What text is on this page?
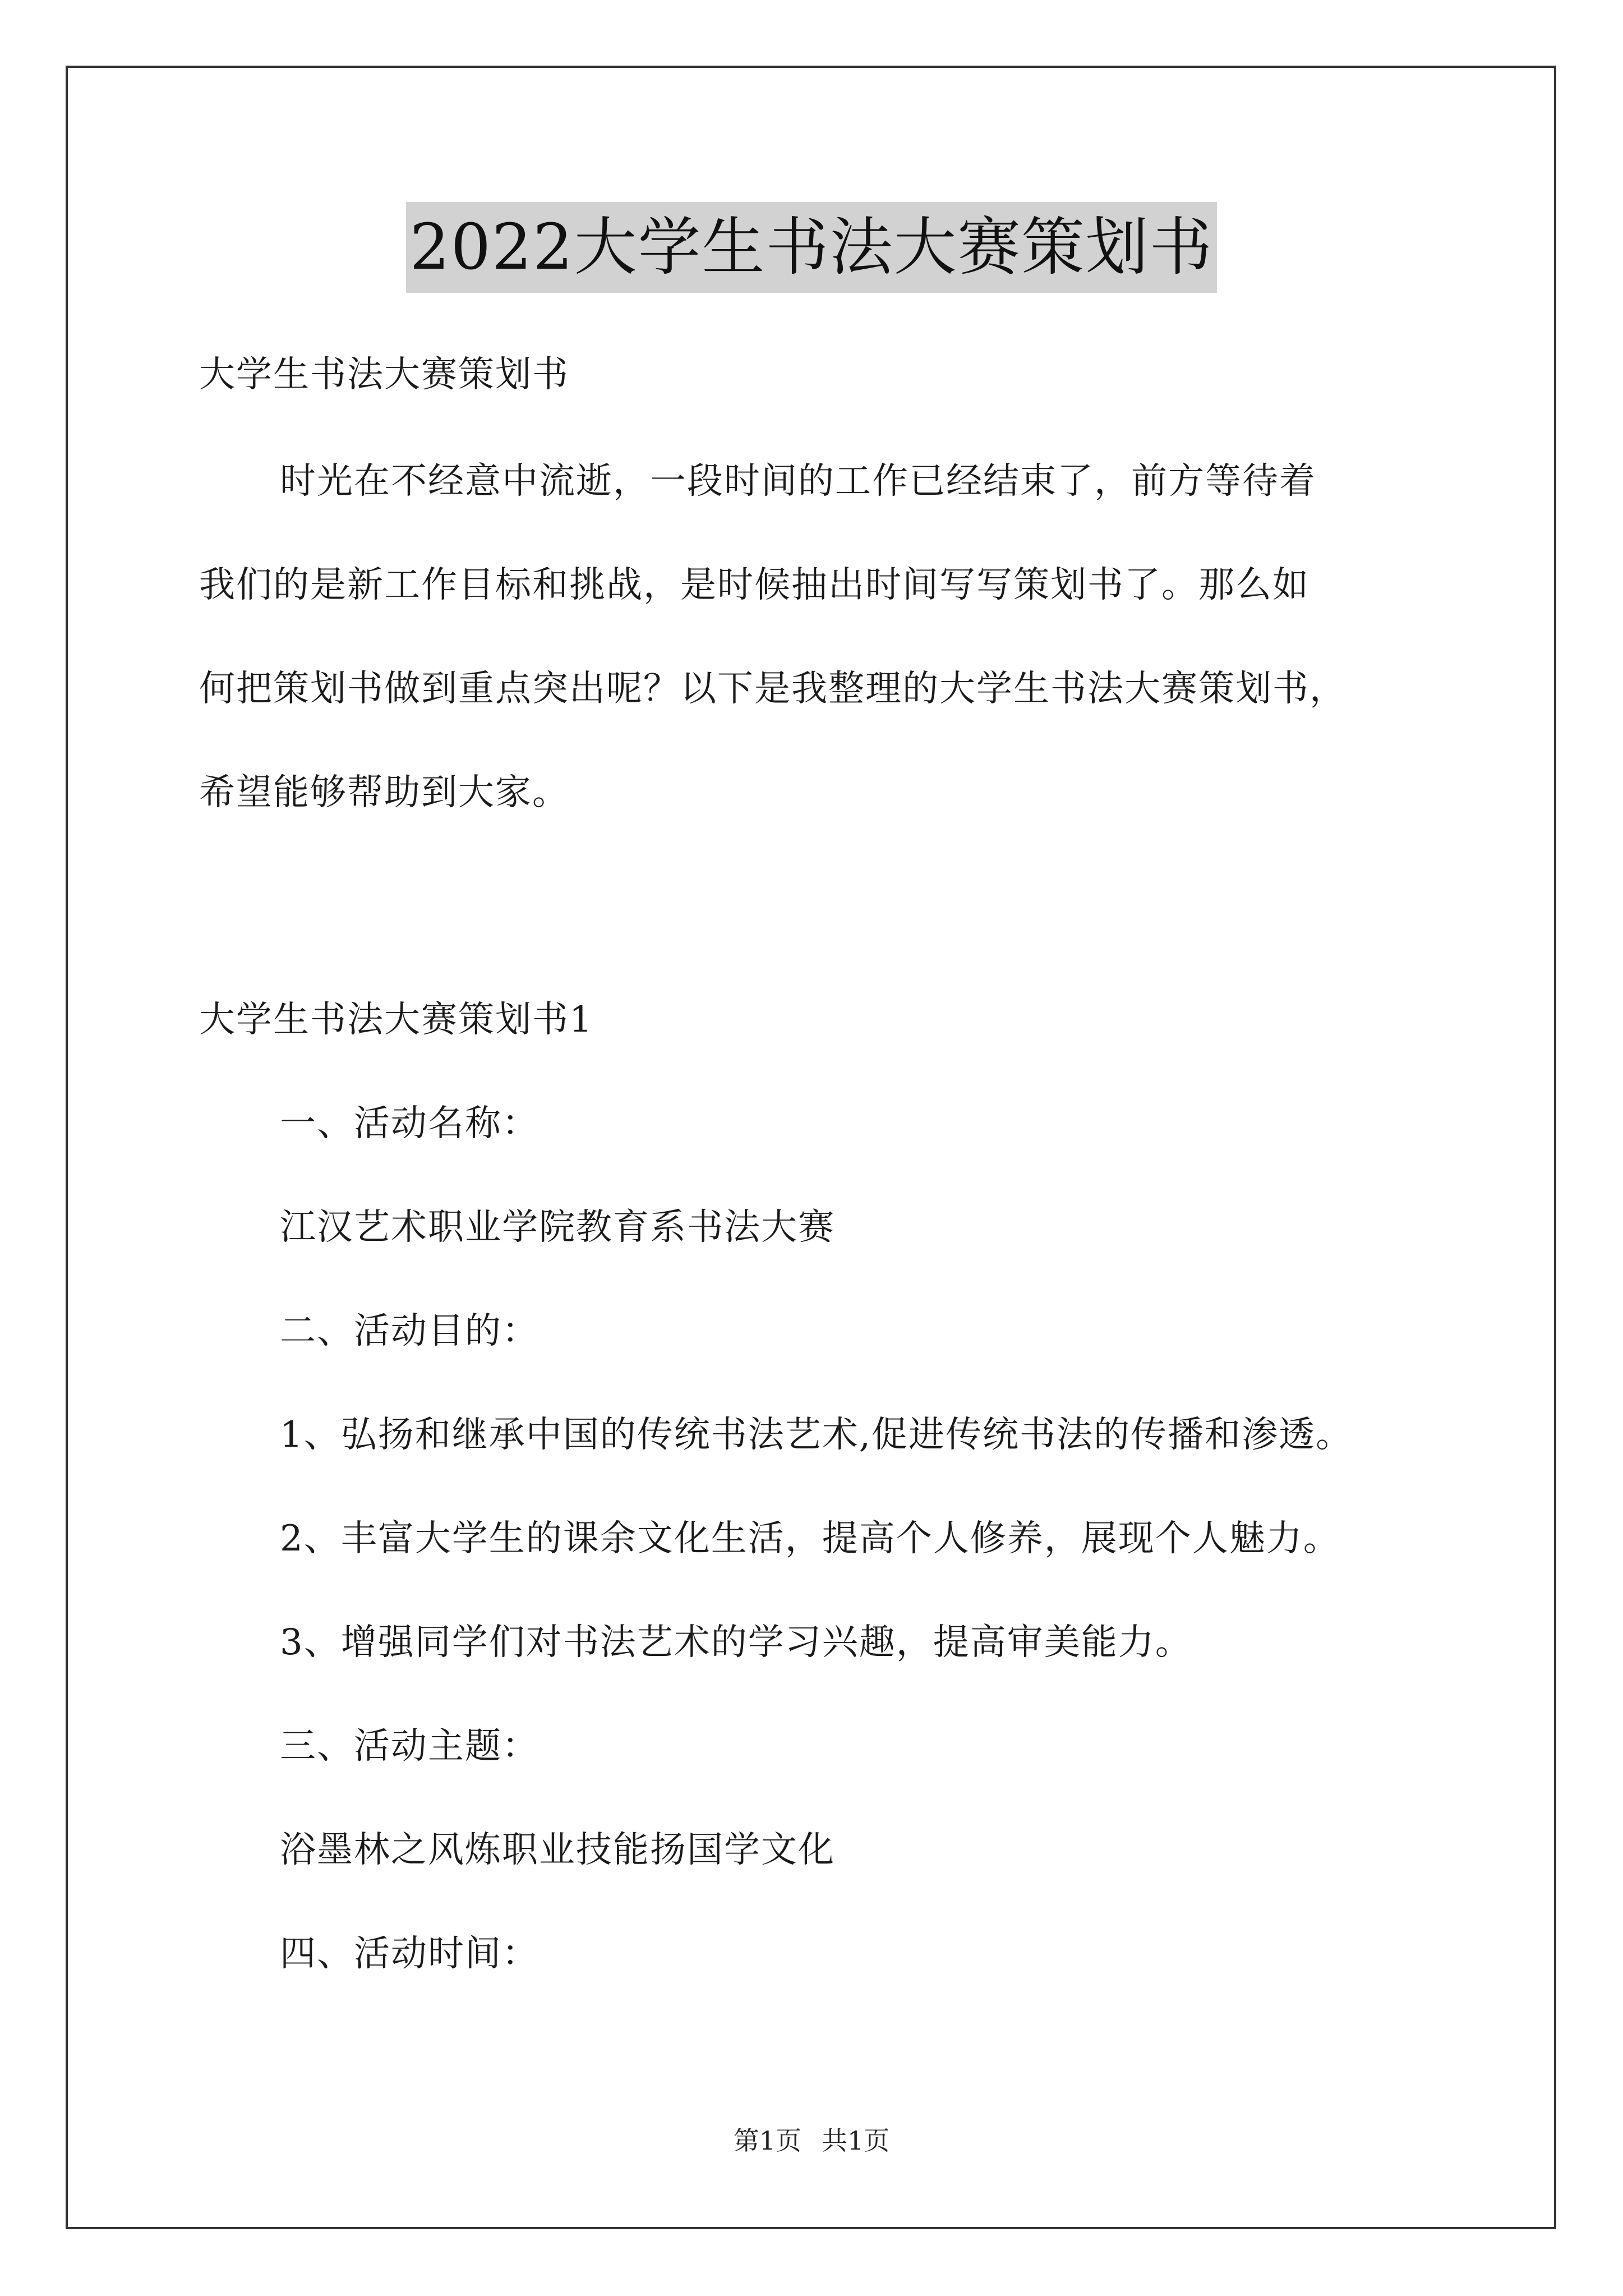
2022大学生书法大赛策划书

大学生书法大赛策划书

时光在不经意中流逝，一段时间的工作已经结束了，前方等待着

我们的是新工作目标和挑战，是时候抽出时间写写策划书了。那么如

何把策划书做到重点突出呢？以下是我整理的大学生书法大赛策划书，

希望能够帮助到大家。

大学生书法大赛策划书1

一、活动名称：

江汉艺术职业学院教育系书法大赛

二、活动目的：

1、弘扬和继承中国的传统书法艺术,促进传统书法的传播和渗透。

2、丰富大学生的课余文化生活，提高个人修养，展现个人魅力。

3、增强同学们对书法艺术的学习兴趣，提高审美能力。

三、活动主题：

浴墨林之风炼职业技能扬国学文化

四、活动时间：

第1页 共1页
